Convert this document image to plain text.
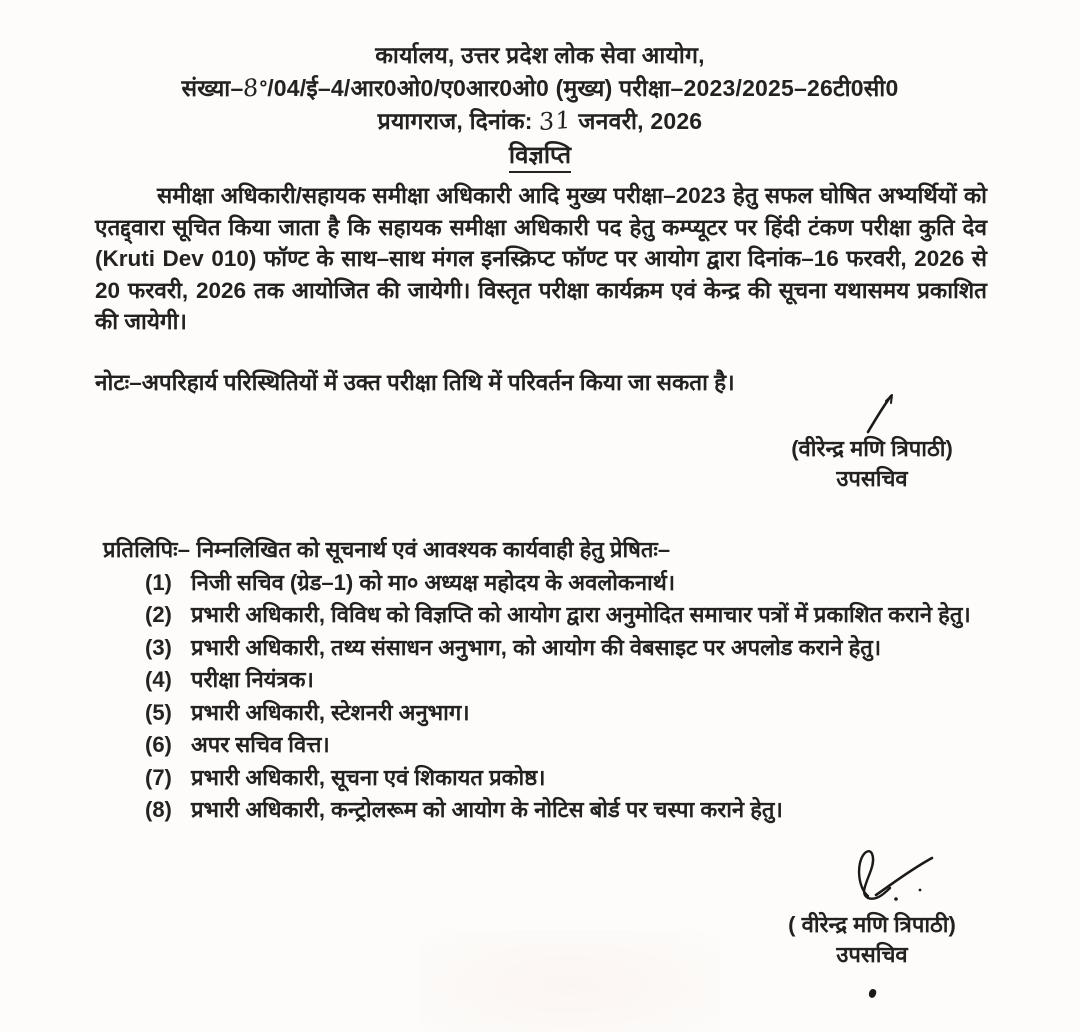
कार्यालय, उत्तर प्रदेश लोक सेवा आयोग,
संख्या–8०/04/ई–4/आर0ओ0/ए0आर0ओ0 (मुख्य) परीक्षा–2023/2025–26टी0सी0
प्रयागराज, दिनांक: 31 जनवरी, 2026
विज्ञप्ति
समीक्षा अधिकारी/सहायक समीक्षा अधिकारी आदि मुख्य परीक्षा–2023 हेतु सफल घोषित अभ्यर्थियों को एतद्द्वारा सूचित किया जाता है कि सहायक समीक्षा अधिकारी पद हेतु कम्प्यूटर पर हिंदी टंकण परीक्षा कुति देव (Kruti Dev 010) फॉण्ट के साथ–साथ मंगल इनस्क्रिप्ट फॉण्ट पर आयोग द्वारा दिनांक–16 फरवरी, 2026 से 20 फरवरी, 2026 तक आयोजित की जायेगी। विस्तृत परीक्षा कार्यक्रम एवं केन्द्र की सूचना यथासमय प्रकाशित की जायेगी।
नोटः–अपरिहार्य परिस्थितियों में उक्त परीक्षा तिथि में परिवर्तन किया जा सकता है।
(वीरेन्द्र मणि त्रिपाठी)
उपसचिव
प्रतिलिपिः– निम्नलिखित को सूचनार्थ एवं आवश्यक कार्यवाही हेतु प्रेषितः–
(1) निजी सचिव (ग्रेड–1) को मा० अध्यक्ष महोदय के अवलोकनार्थ।
(2) प्रभारी अधिकारी, विविध को विज्ञप्ति को आयोग द्वारा अनुमोदित समाचार पत्रों में प्रकाशित कराने हेतु।
(3) प्रभारी अधिकारी, तथ्य संसाधन अनुभाग, को आयोग की वेबसाइट पर अपलोड कराने हेतु।
(4) परीक्षा नियंत्रक।
(5) प्रभारी अधिकारी, स्टेशनरी अनुभाग।
(6) अपर सचिव वित्त।
(7) प्रभारी अधिकारी, सूचना एवं शिकायत प्रकोष्ठ।
(8) प्रभारी अधिकारी, कन्ट्रोलरूम को आयोग के नोटिस बोर्ड पर चस्पा कराने हेतु।
( वीरेन्द्र मणि त्रिपाठी)
उपसचिव
